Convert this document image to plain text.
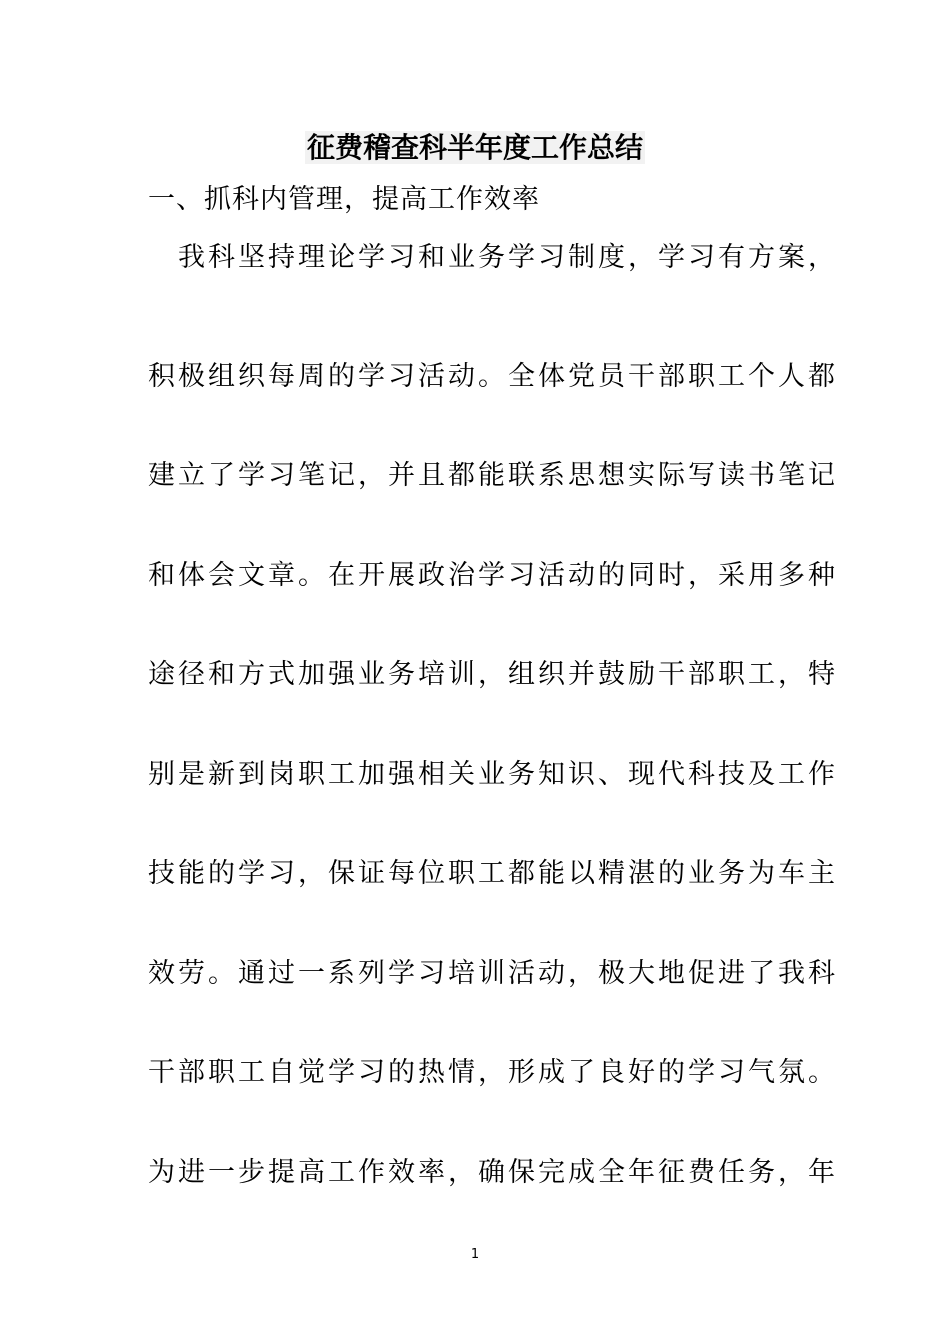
征费稽查科半年度工作总结
一、抓科内管理，提高工作效率
　我科坚持理论学习和业务学习制度，学习有方案，
积极组织每周的学习活动。全体党员干部职工个人都
建立了学习笔记，并且都能联系思想实际写读书笔记
和体会文章。在开展政治学习活动的同时，采用多种
途径和方式加强业务培训，组织并鼓励干部职工，特
别是新到岗职工加强相关业务知识、现代科技及工作
技能的学习，保证每位职工都能以精湛的业务为车主
效劳。通过一系列学习培训活动，极大地促进了我科
干部职工自觉学习的热情，形成了良好的学习气氛。
为进一步提高工作效率，确保完成全年征费任务，年
1
